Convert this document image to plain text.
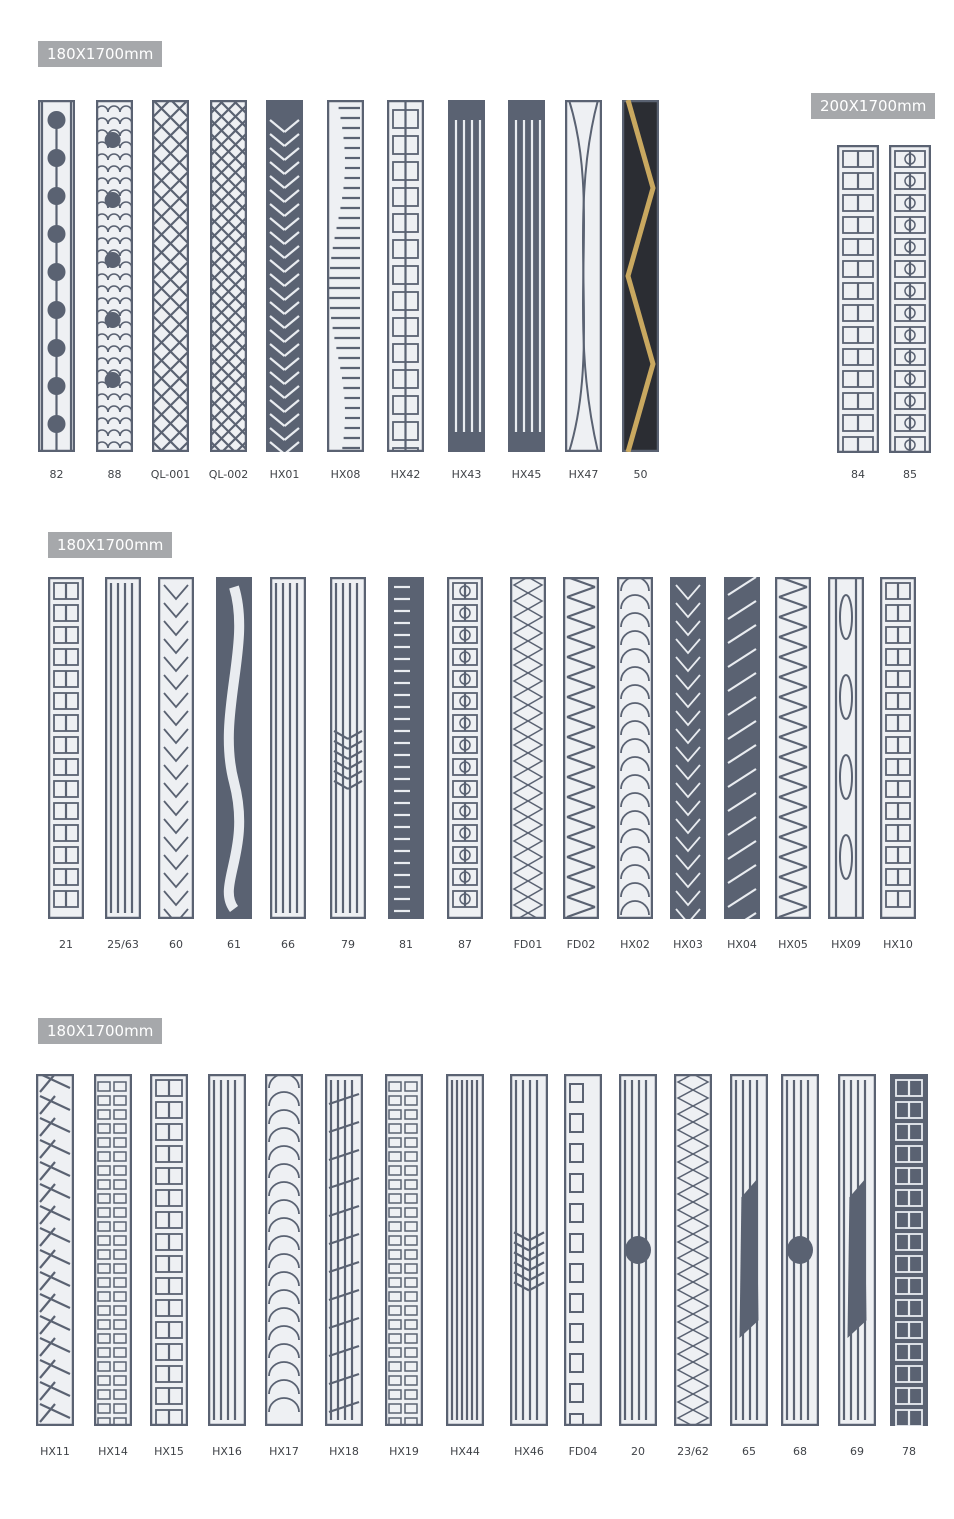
180X1700mm
82	88	QL-001	QL-002	HX01	HX08	HX42	HX43	HX45	HX47	50
200X1700mm
84	85
180X1700mm
21	25/63	60	61	66	79	81	87	FD01	FD02	HX02	HX03	HX04	HX05	HX09	HX10
180X1700mm
HX11	HX14	HX15	HX16	HX17	HX18	HX19	HX44	HX46	FD04	20	23/62	65	68	69	78
